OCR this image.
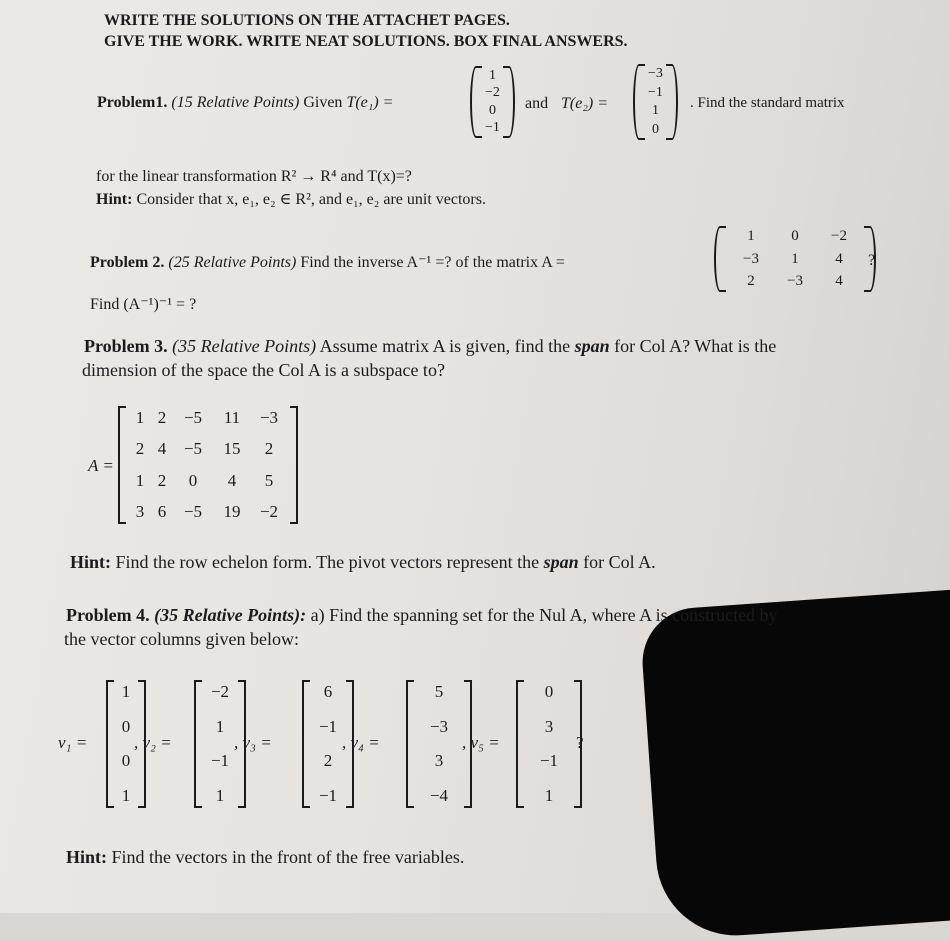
WRITE THE SOLUTIONS ON THE ATTACHET PAGES.
GIVE THE WORK. WRITE NEAT SOLUTIONS. BOX FINAL ANSWERS.
Problem1. (15 Relative Points) Given T(e₁) =
1
−2
0
−1
and T(e₂) =
−3
−1
1
0
. Find the standard matrix
for the linear transformation R² → R⁴ and T(x)=?
Hint: Consider that x, e₁, e₂ ∈ R², and e₁, e₂ are unit vectors.
Problem 2. (25 Relative Points) Find the inverse A⁻¹ =? of the matrix A =
1	0	−2
−3	1	4
2	−3	4
?
Find (A⁻¹)⁻¹ = ?
Problem 3. (35 Relative Points) Assume matrix A is given, find the span for Col A? What is the
dimension of the space the Col A is a subspace to?
A =
1 2	−5	11	−3
2 4	−5	15	2
1 2	0	4	5
3 6	−5	19	−2
Hint: Find the row echelon form. The pivot vectors represent the span for Col A.
Problem 4. (35 Relative Points): a) Find the spanning set for the Nul A, where A is constructed by
the vector columns given below:
v₁ =
1
0
0
1
, v₂ =
−2
1
−1
1
, v₃ =
6
−1
2
−1
, v₄ =
5
−3
3
−4
, v₅ =
0
3
−1
1
?
Hint: Find the vectors in the front of the free variables.
